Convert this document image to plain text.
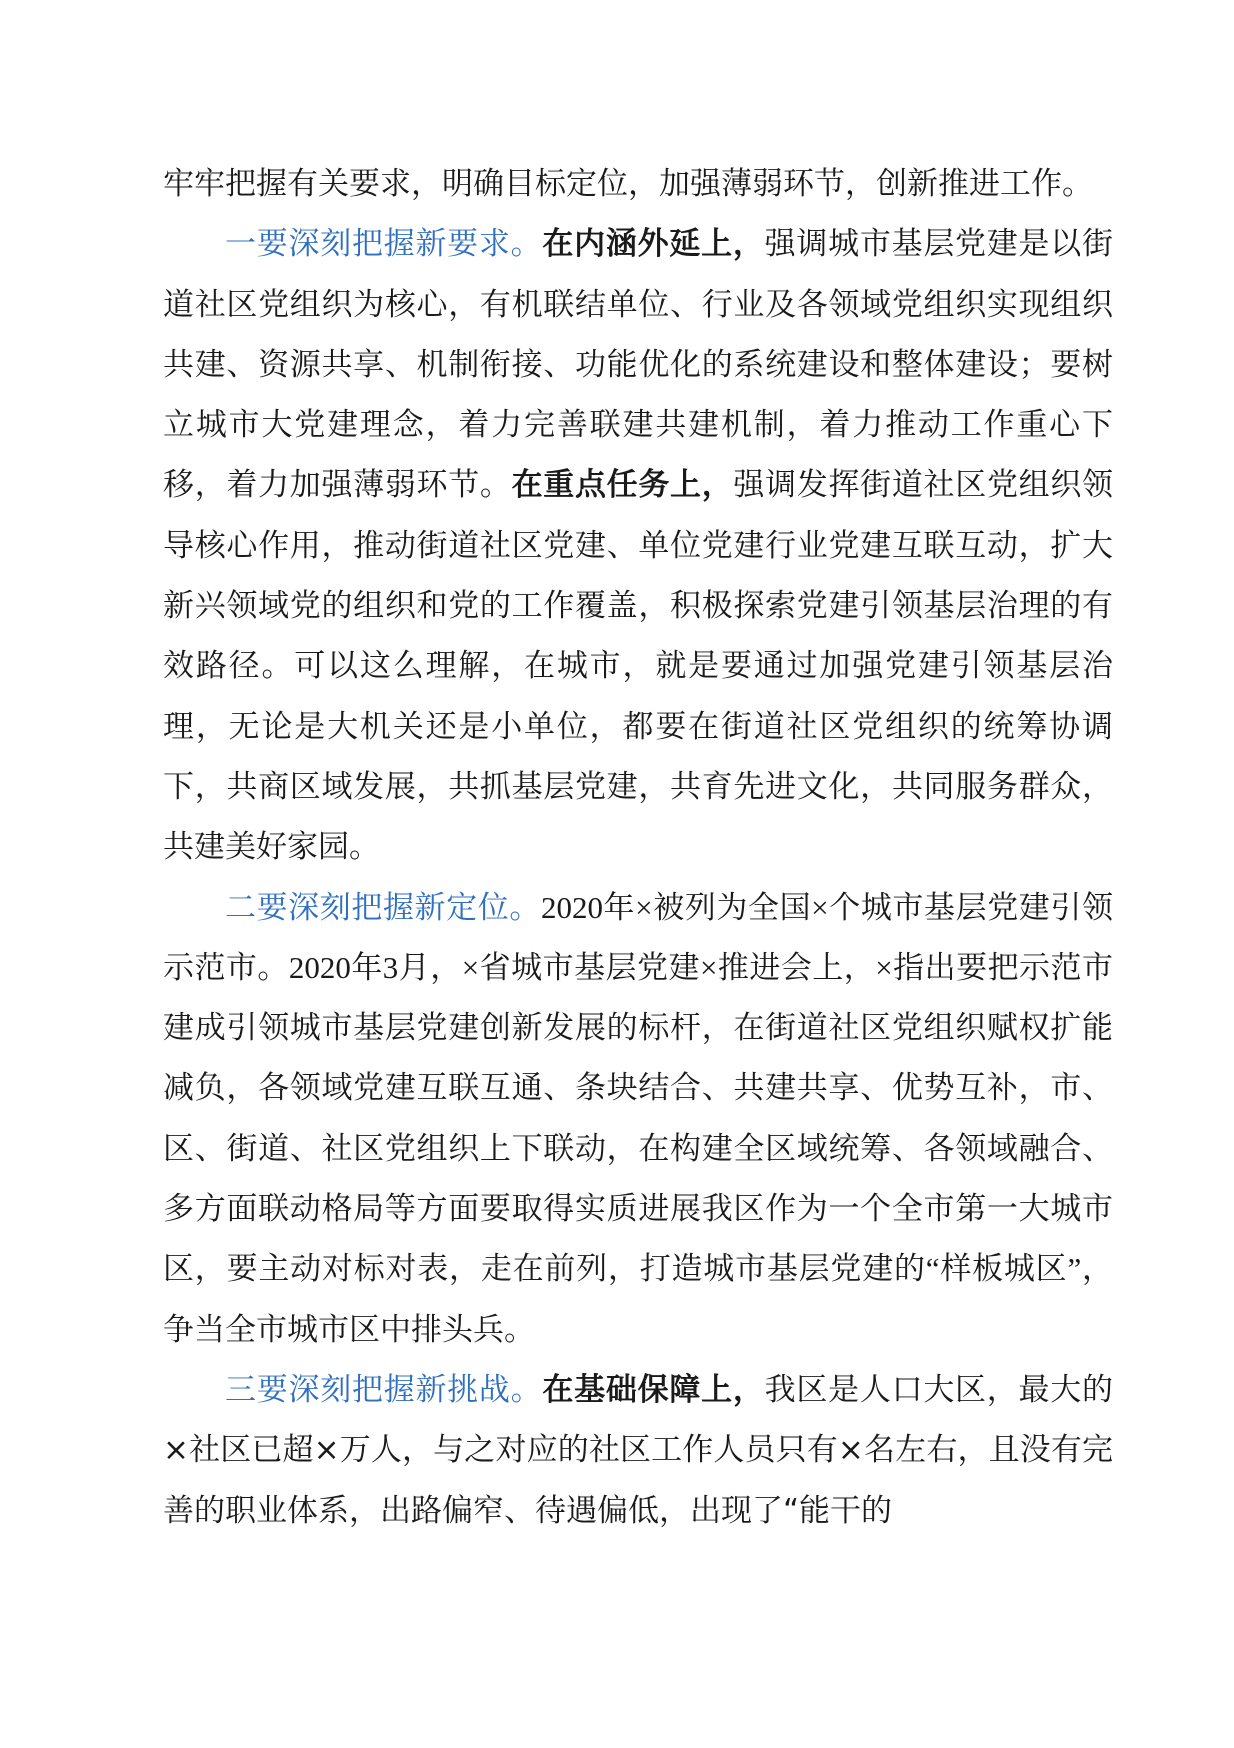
牢牢把握有关要求，明确目标定位，加强薄弱环节，创新推进工作。

一要深刻把握新要求。在内涵外延上，强调城市基层党建是以街道社区党组织为核心，有机联结单位、行业及各领域党组织实现组织共建、资源共享、机制衔接、功能优化的系统建设和整体建设；要树立城市大党建理念，着力完善联建共建机制，着力推动工作重心下移，着力加强薄弱环节。在重点任务上，强调发挥街道社区党组织领导核心作用，推动街道社区党建、单位党建行业党建互联互动，扩大新兴领域党的组织和党的工作覆盖，积极探索党建引领基层治理的有效路径。可以这么理解，在城市，就是要通过加强党建引领基层治理，无论是大机关还是小单位，都要在街道社区党组织的统筹协调下，共商区域发展，共抓基层党建，共育先进文化，共同服务群众，共建美好家园。

二要深刻把握新定位。2020年×被列为全国×个城市基层党建引领示范市。2020年3月，×省城市基层党建×推进会上，×指出要把示范市建成引领城市基层党建创新发展的标杆，在街道社区党组织赋权扩能减负，各领域党建互联互通、条块结合、共建共享、优势互补，市、区、街道、社区党组织上下联动，在构建全区域统筹、各领域融合、多方面联动格局等方面要取得实质进展我区作为一个全市第一大城市区，要主动对标对表，走在前列，打造城市基层党建的“样板城区”，争当全市城市区中排头兵。

三要深刻把握新挑战。在基础保障上，我区是人口大区，最大的×社区已超×万人，与之对应的社区工作人员只有×名左右，且没有完善的职业体系，出路偏窄、待遇偏低，出现了“能干的
